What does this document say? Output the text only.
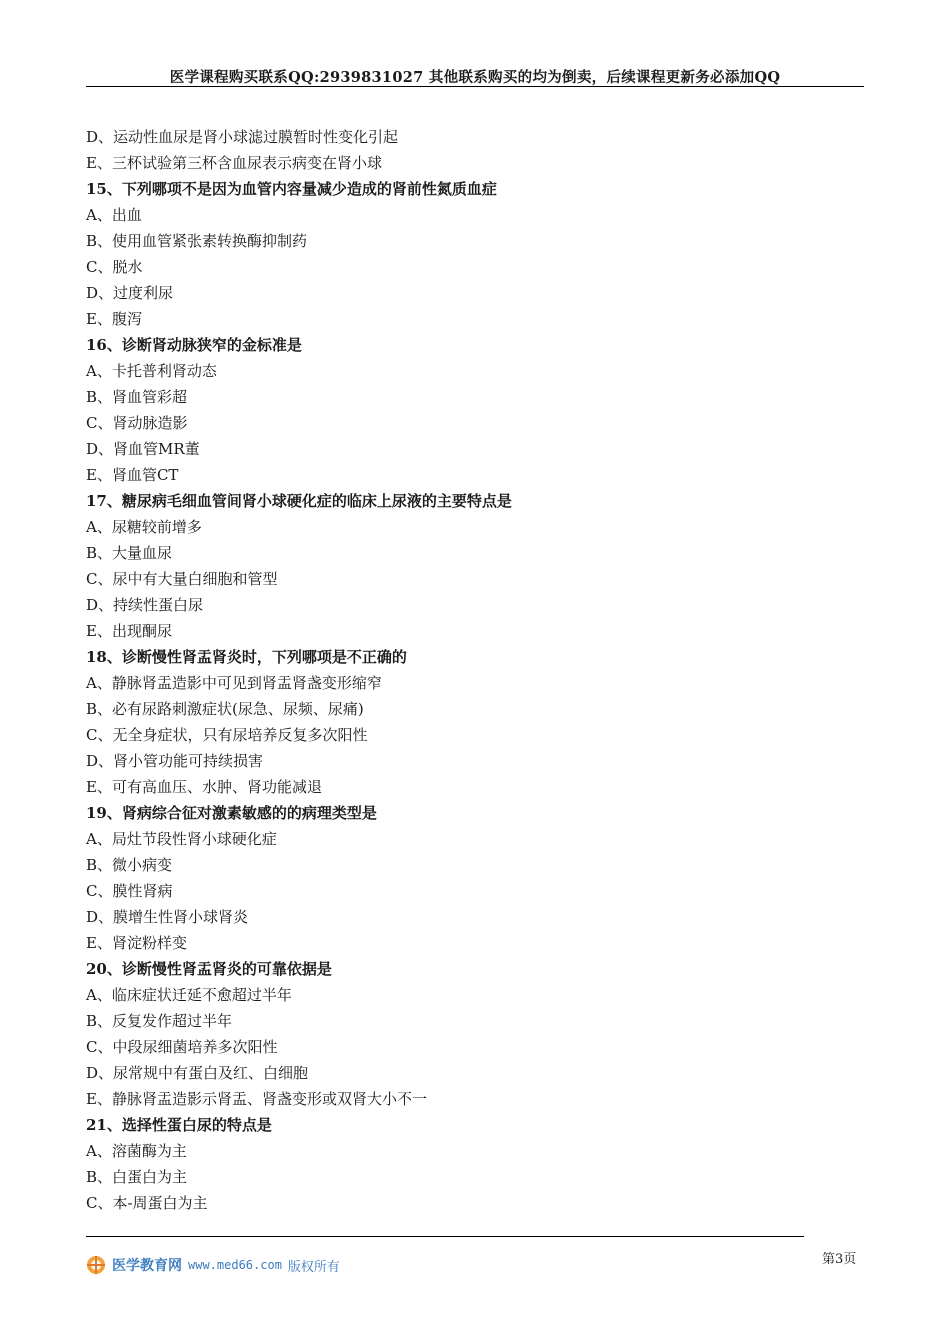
医学课程购买联系QQ:2939831027 其他联系购买的均为倒卖，后续课程更新务必添加QQ
D、运动性血尿是肾小球滤过膜暂时性变化引起
E、三杯试验第三杯含血尿表示病变在肾小球
15、下列哪项不是因为血管内容量减少造成的肾前性氮质血症
A、出血
B、使用血管紧张素转换酶抑制药
C、脱水
D、过度利尿
E、腹泻
16、诊断肾动脉狭窄的金标准是
A、卡托普利肾动态
B、肾血管彩超
C、肾动脉造影
D、肾血管MR董
E、肾血管CT
17、糖尿病毛细血管间肾小球硬化症的临床上尿液的主要特点是
A、尿糖较前增多
B、大量血尿
C、尿中有大量白细胞和管型
D、持续性蛋白尿
E、出现酮尿
18、诊断慢性肾盂肾炎时，下列哪项是不正确的
A、静脉肾盂造影中可见到肾盂肾盏变形缩窄
B、必有尿路刺激症状(尿急、尿频、尿痛)
C、无全身症状，只有尿培养反复多次阳性
D、肾小管功能可持续损害
E、可有高血压、水肿、肾功能减退
19、肾病综合征对激素敏感的的病理类型是
A、局灶节段性肾小球硬化症
B、微小病变
C、膜性肾病
D、膜增生性肾小球肾炎
E、肾淀粉样变
20、诊断慢性肾盂肾炎的可靠依据是
A、临床症状迁延不愈超过半年
B、反复发作超过半年
C、中段尿细菌培养多次阳性
D、尿常规中有蛋白及红、白细胞
E、静脉肾盂造影示肾盂、肾盏变形或双肾大小不一
21、选择性蛋白尿的特点是
A、溶菌酶为主
B、白蛋白为主
C、本-周蛋白为主
医学教育网 www.med66.com 版权所有	第3页
